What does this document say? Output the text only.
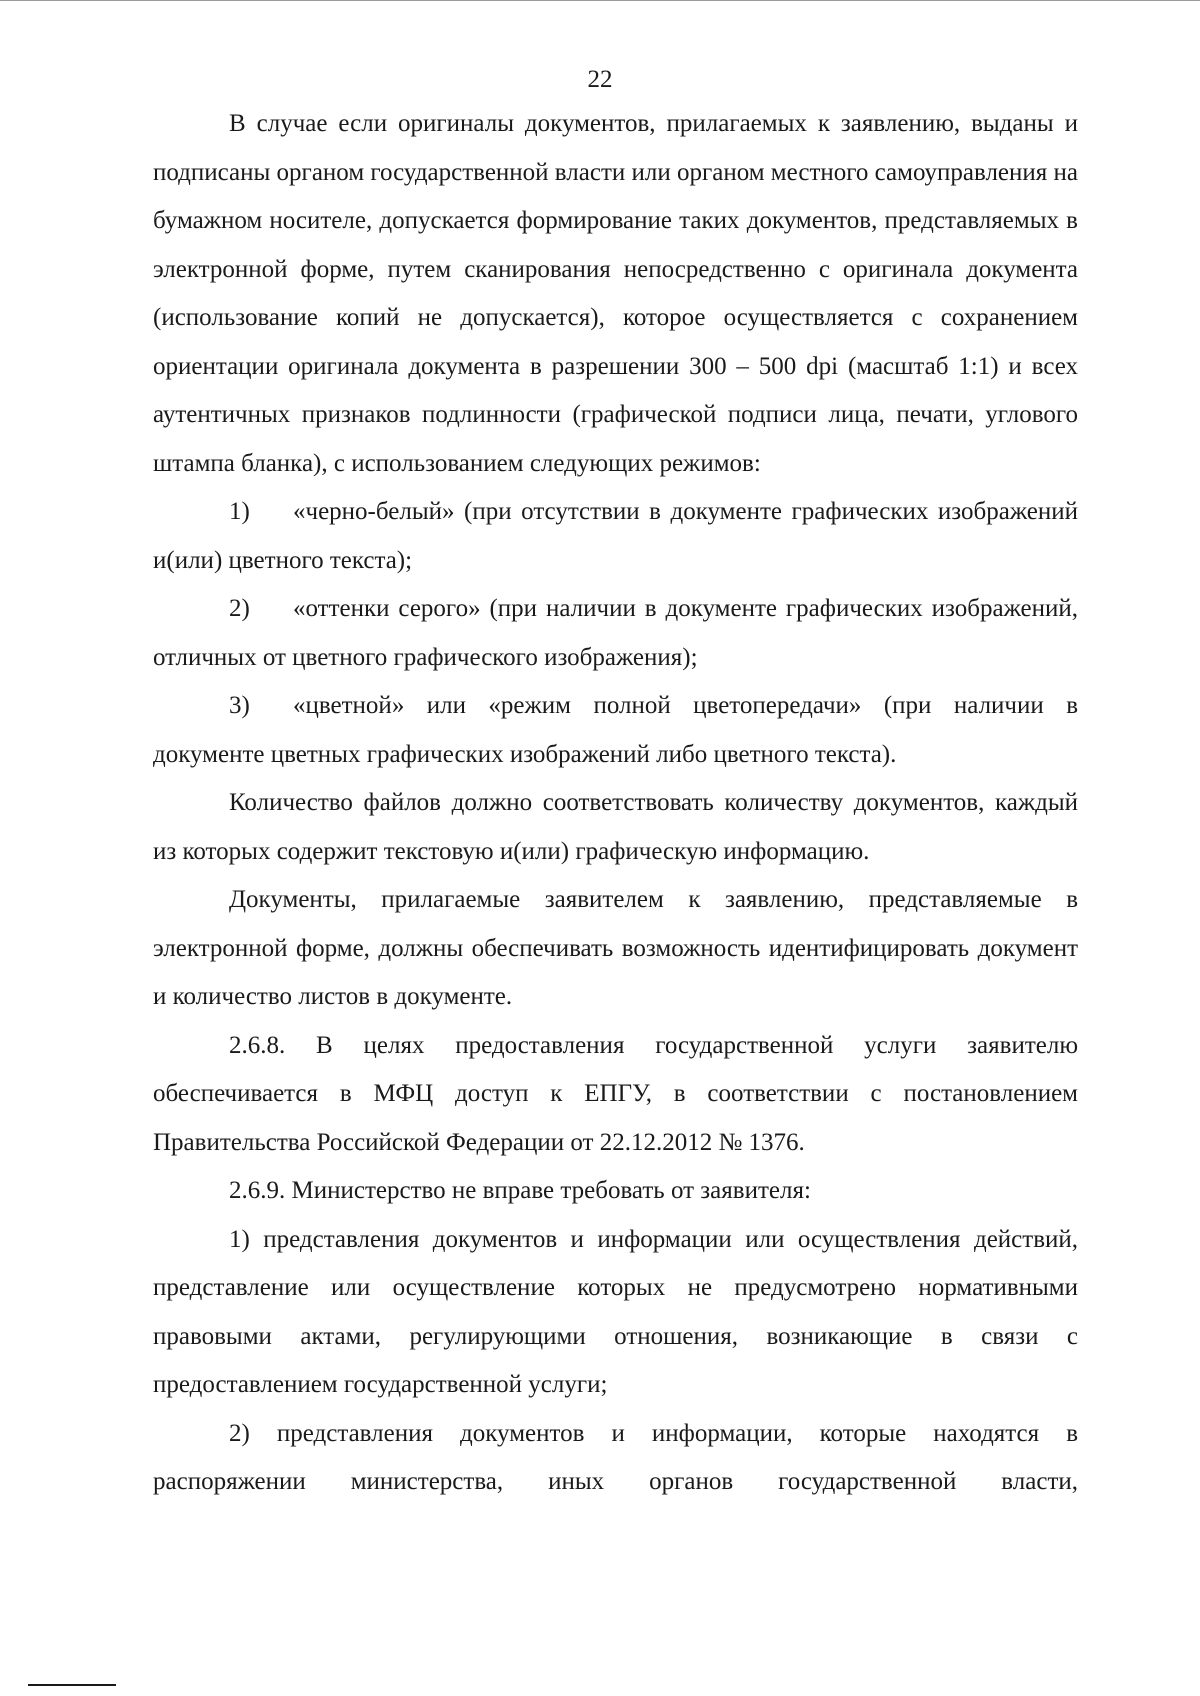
22

В случае если оригиналы документов, прилагаемых к заявлению, выданы и подписаны органом государственной власти или органом местного самоуправления на бумажном носителе, допускается формирование таких документов, представляемых в электронной форме, путем сканирования непосредственно с оригинала документа (использование копий не допускается), которое осуществляется с сохранением ориентации оригинала документа в разрешении 300 – 500 dpi (масштаб 1:1) и всех аутентичных признаков подлинности (графической подписи лица, печати, углового штампа бланка), с использованием следующих режимов:

1) «черно-белый» (при отсутствии в документе графических изображений и(или) цветного текста);

2) «оттенки серого» (при наличии в документе графических изображений, отличных от цветного графического изображения);

3) «цветной» или «режим полной цветопередачи» (при наличии в документе цветных графических изображений либо цветного текста).

Количество файлов должно соответствовать количеству документов, каждый из которых содержит текстовую и(или) графическую информацию.

Документы, прилагаемые заявителем к заявлению, представляемые в электронной форме, должны обеспечивать возможность идентифицировать документ и количество листов в документе.

2.6.8. В целях предоставления государственной услуги заявителю обеспечивается в МФЦ доступ к ЕПГУ, в соответствии с постановлением Правительства Российской Федерации от 22.12.2012 № 1376.

2.6.9. Министерство не вправе требовать от заявителя:

1) представления документов и информации или осуществления действий, представление или осуществление которых не предусмотрено нормативными правовыми актами, регулирующими отношения, возникающие в связи с предоставлением государственной услуги;

2) представления документов и информации, которые находятся в распоряжении министерства, иных органов государственной власти,
